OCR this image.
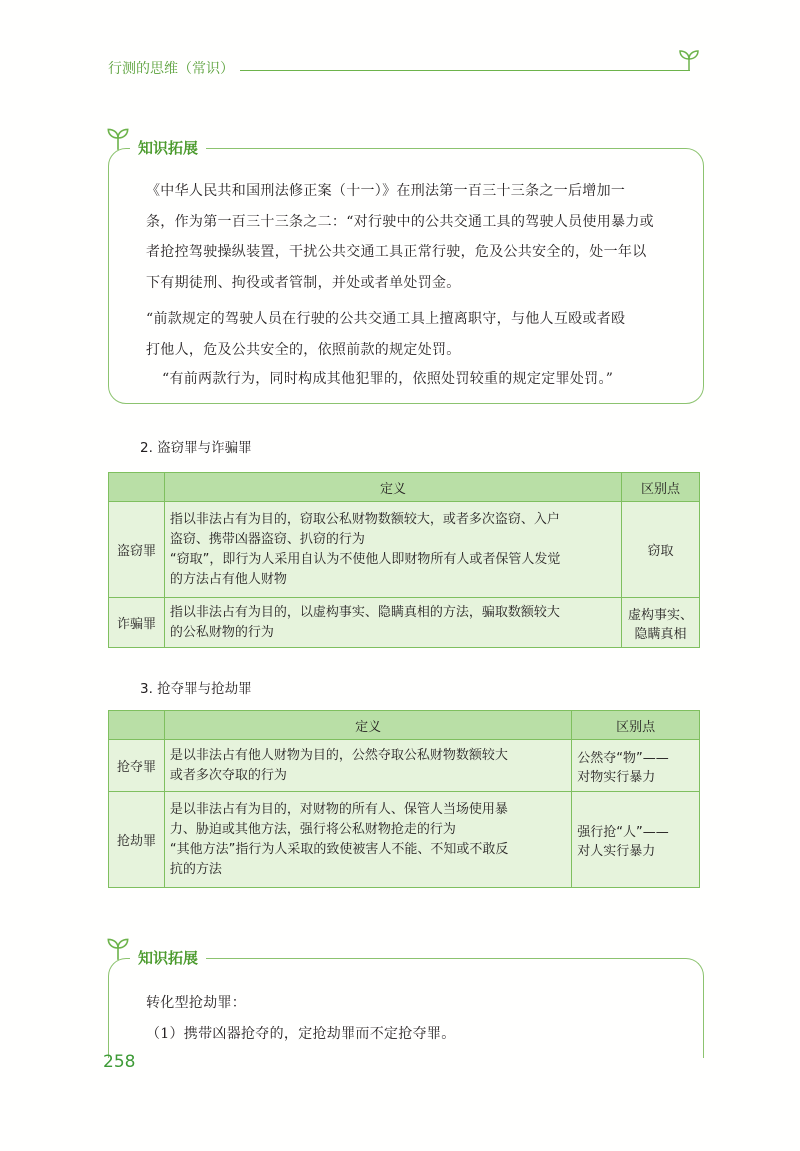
行测的思维（常识）
知识拓展
《中华人民共和国刑法修正案（十一）》在刑法第一百三十三条之一后增加一
条，作为第一百三十三条之二：“对行驶中的公共交通工具的驾驶人员使用暴力或
者抢控驾驶操纵装置，干扰公共交通工具正常行驶，危及公共安全的，处一年以
下有期徒刑、拘役或者管制，并处或者单处罚金。
“前款规定的驾驶人员在行驶的公共交通工具上擅离职守，与他人互殴或者殴
打他人，危及公共安全的，依照前款的规定处罚。
“有前两款行为，同时构成其他犯罪的，依照处罚较重的规定定罪处罚。”
2. 盗窃罪与诈骗罪
	定义	区别点
盗窃罪	指以非法占有为目的，窃取公私财物数额较大，或者多次盗窃、入户
盗窃、携带凶器盗窃、扒窃的行为
“窃取”，即行为人采用自认为不使他人即财物所有人或者保管人发觉
的方法占有他人财物	窃取

诈骗罪	指以非法占有为目的，以虚构事实、隐瞒真相的方法，骗取数额较大
的公私财物的行为	虚构事实、
隐瞒真相
3. 抢夺罪与抢劫罪
	定义	区别点
抢夺罪	是以非法占有他人财物为目的，公然夺取公私财物数额较大
或者多次夺取的行为	公然夺“物”——
对物实行暴力

抢劫罪	是以非法占有为目的，对财物的所有人、保管人当场使用暴
力、胁迫或其他方法，强行将公私财物抢走的行为
“其他方法”指行为人采取的致使被害人不能、不知或不敢反
抗的方法	强行抢“人”——
对人实行暴力
知识拓展
转化型抢劫罪：
（1）携带凶器抢夺的，定抢劫罪而不定抢夺罪。
258
